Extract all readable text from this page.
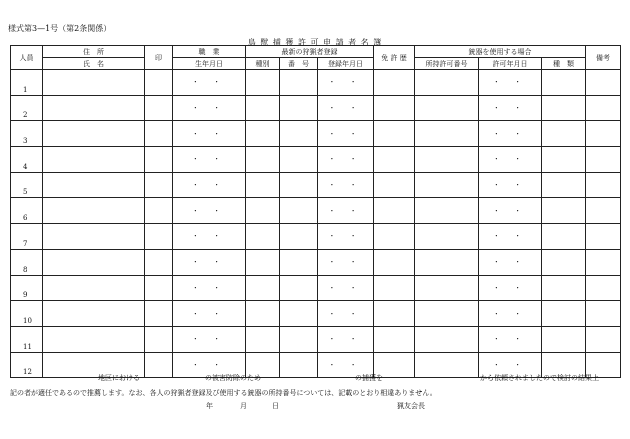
様式第3—1号（第2条関係）
鳥 獣 捕 獲 許 可 申 請 者 名 簿
人員	住　所	印	職　業	最新の狩猟者登録			免 許 歴	銃器を使用する場合			備考
	氏　名		生年月日	種別	番　号	登録年月日		所持許可番号	許可年月日	種　類	
1			・ ・			・ ・			・ ・		
2			・ ・			・ ・			・ ・		
3			・ ・			・ ・			・ ・		
4			・ ・			・ ・			・ ・		
5			・ ・			・ ・			・ ・		
6			・ ・			・ ・			・ ・		
7			・ ・			・ ・			・ ・		
8			・ ・			・ ・			・ ・		
9			・ ・			・ ・			・ ・		
10			・ ・			・ ・			・ ・		
11			・ ・			・ ・			・ ・		
12			・ ・			・ ・			・ ・		
地区における	の被害防除のため	の捕獲を	から依頼されましたので検討の結果上
記の者が適任であるので推薦します。なお、各人の狩猟者登録及び使用する銃器の所持番号については、記載のとおり相違ありません。
年	月	日	猟友会長
